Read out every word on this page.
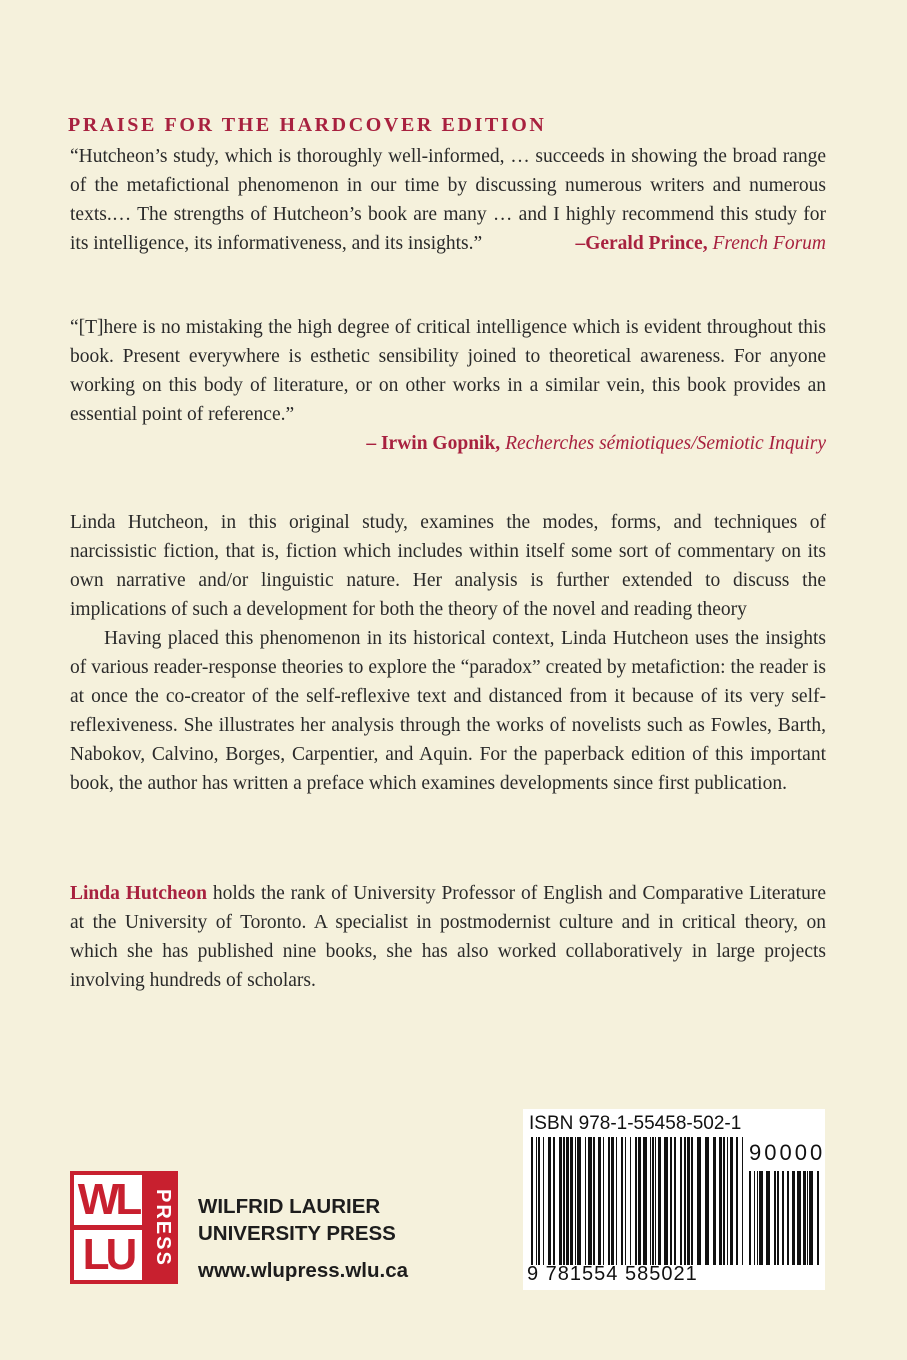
PRAISE FOR THE HARDCOVER EDITION
“Hutcheon’s study, which is thoroughly well-informed, … succeeds in showing the broad range of the metafictional phenomenon in our time by discussing numerous writers and numerous texts.… The strengths of Hutcheon’s book are many … and I highly recommend this study for its intelligence, its informativeness, and its insights.”	–Gerald Prince, French Forum
“[T]here is no mistaking the high degree of critical intelligence which is evident throughout this book. Present everywhere is esthetic sensibility joined to theoretical awareness. For anyone working on this body of literature, or on other works in a similar vein, this book provides an essential point of reference.”
– Irwin Gopnik, Recherches sémiotiques/Semiotic Inquiry

Linda Hutcheon, in this original study, examines the modes, forms, and techniques of narcissistic fiction, that is, fiction which includes within itself some sort of commentary on its own narrative and/or linguistic nature. Her analysis is further extended to discuss the implications of such a development for both the theory of the novel and reading theory

Having placed this phenomenon in its historical context, Linda Hutcheon uses the insights of various reader-response theories to explore the “paradox” created by metafiction: the reader is at once the co-creator of the self-reflexive text and distanced from it because of its very self-reflexiveness. She illustrates her analysis through the works of novelists such as Fowles, Barth, Nabokov, Calvino, Borges, Carpentier, and Aquin. For the paperback edition of this important book, the author has written a preface which examines developments since first publication.

Linda Hutcheon holds the rank of University Professor of English and Comparative Literature at the University of Toronto. A specialist in postmodernist culture and in critical theory, on which she has published nine books, she has also worked collaboratively in large projects involving hundreds of scholars.

WL
LU PRESS WILFRID LAURIER
UNIVERSITY PRESS
www.wlupress.wlu.ca
ISBN 978-1-55458-502-1
90000
9 781554 585021
